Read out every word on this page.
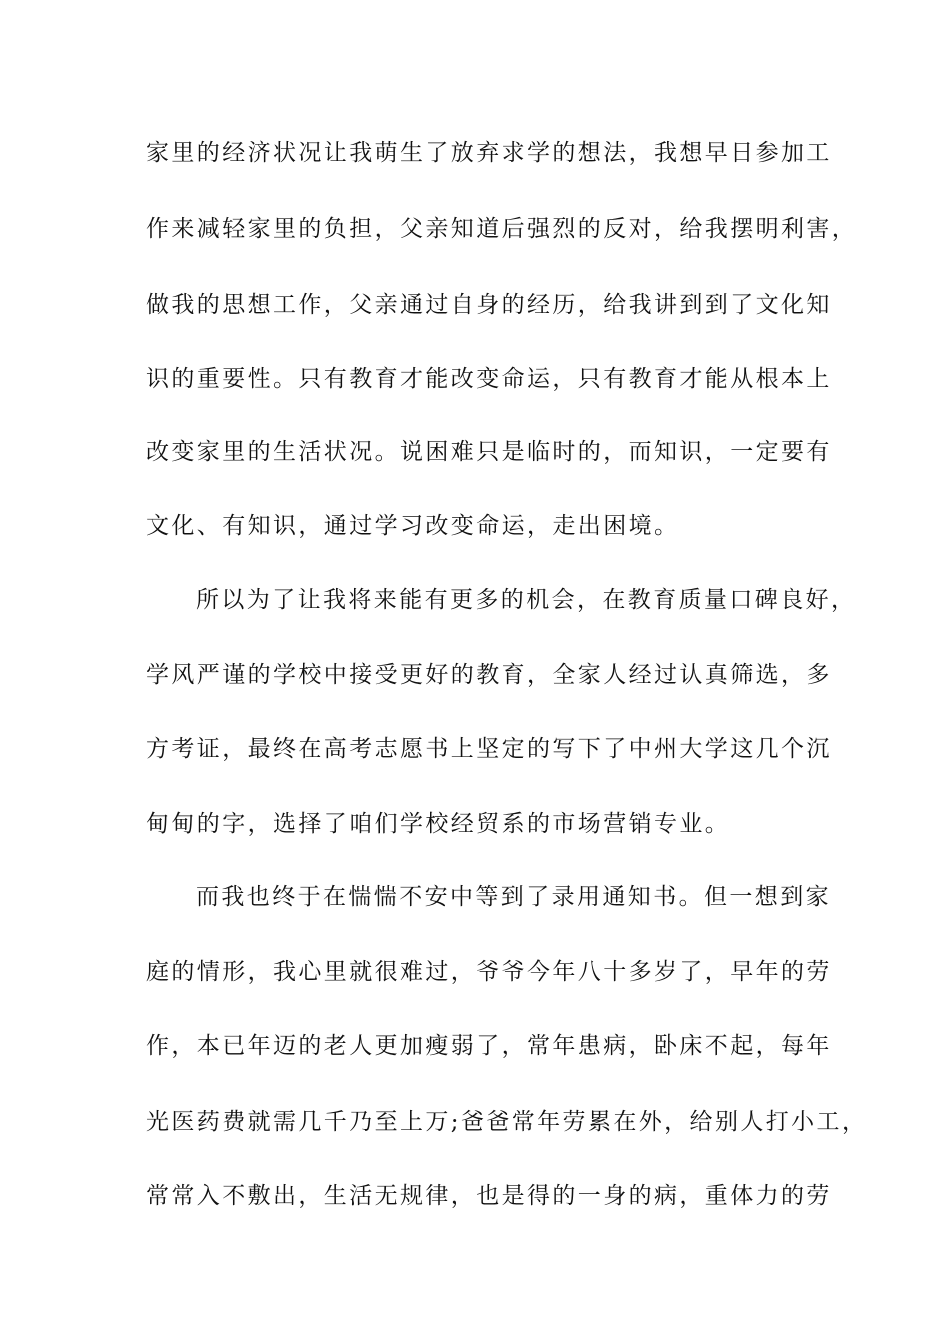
家里的经济状况让我萌生了放弃求学的想法，我想早日参加工
作来减轻家里的负担，父亲知道后强烈的反对，给我摆明利害，
做我的思想工作，父亲通过自身的经历，给我讲到到了文化知
识的重要性。只有教育才能改变命运，只有教育才能从根本上
改变家里的生活状况。说困难只是临时的，而知识，一定要有
文化、有知识，通过学习改变命运，走出困境。
所以为了让我将来能有更多的机会，在教育质量口碑良好，
学风严谨的学校中接受更好的教育，全家人经过认真筛选，多
方考证，最终在高考志愿书上坚定的写下了中州大学这几个沉
甸甸的字，选择了咱们学校经贸系的市场营销专业。
而我也终于在惴惴不安中等到了录用通知书。但一想到家
庭的情形，我心里就很难过，爷爷今年八十多岁了，早年的劳
作，本已年迈的老人更加瘦弱了，常年患病，卧床不起，每年
光医药费就需几千乃至上万;爸爸常年劳累在外，给别人打小工，
常常入不敷出，生活无规律，也是得的一身的病，重体力的劳
